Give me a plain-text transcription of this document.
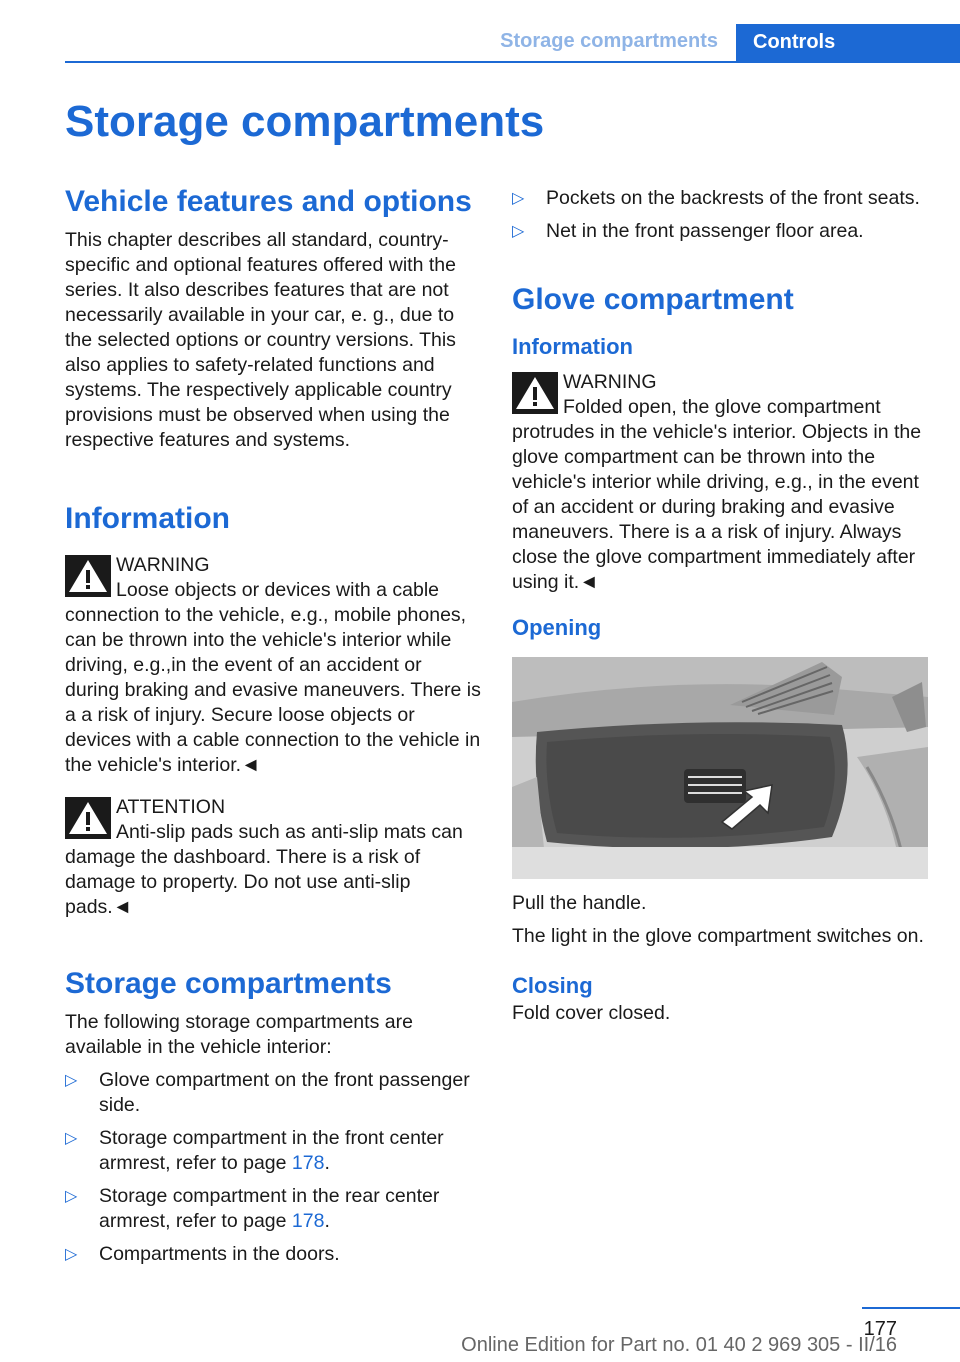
Storage compartments Controls
Storage compartments
Vehicle features and options

This chapter describes all standard, country-specific and optional features offered with the series. It also describes features that are not necessarily available in your car, e. g., due to the selected options or country versions. This also applies to safety-related functions and systems. The respectively applicable country provisions must be observed when using the respective features and systems.

Information
WARNING
Loose objects or devices with a cable connection to the vehicle, e.g., mobile phones, can be thrown into the vehicle's interior while driving, e.g.,in the event of an accident or during braking and evasive maneuvers. There is a a risk of injury. Secure loose objects or devices with a cable connection to the vehicle in the vehicle's interior.◄
ATTENTION
Anti-slip pads such as anti-slip mats can damage the dashboard. There is a risk of damage to property. Do not use anti-slip pads.◄
Storage compartments

The following storage compartments are available in the vehicle interior:

▷ Glove compartment on the front passenger side.
▷ Storage compartment in the front center armrest, refer to page 178.
▷ Storage compartment in the rear center armrest, refer to page 178.
▷ Compartments in the doors.
▷ Pockets on the backrests of the front seats.
▷ Net in the front passenger floor area.
Glove compartment
Information
WARNING
Folded open, the glove compartment protrudes in the vehicle's interior. Objects in the glove compartment can be thrown into the vehicle's interior while driving, e.g., in the event of an accident or during braking and evasive maneuvers. There is a a risk of injury. Always close the glove compartment immediately after using it.◄
Opening

Pull the handle.

The light in the glove compartment switches on.

Closing

Fold cover closed.

177
Online Edition for Part no. 01 40 2 969 305 - II/16
